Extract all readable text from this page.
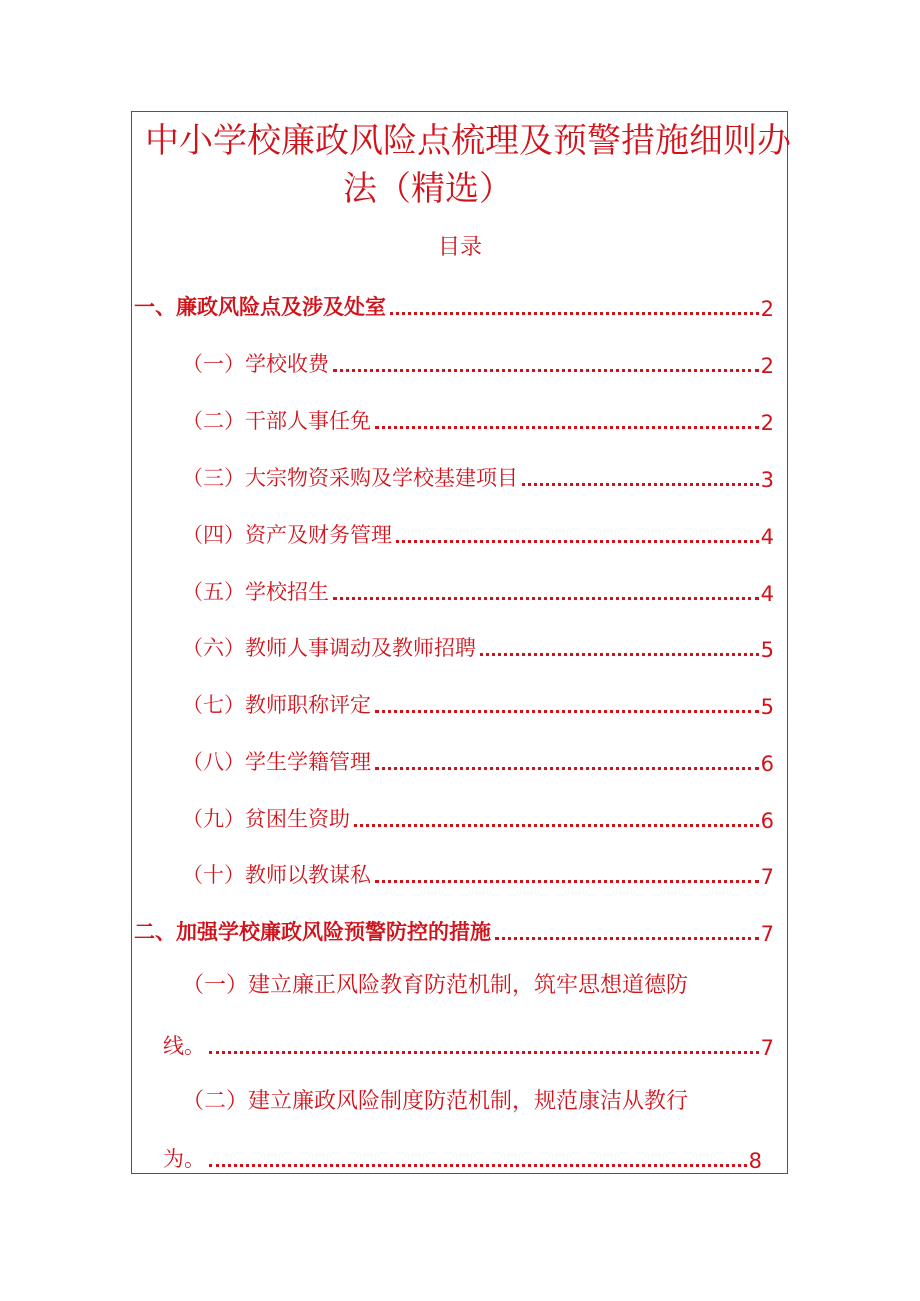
中小学校廉政风险点梳理及预警措施细则办
法（精选）
目录
一、廉政风险点及涉及处室	2
（一）学校收费	2
（二）干部人事任免	2
（三）大宗物资采购及学校基建项目	3
（四）资产及财务管理	4
（五）学校招生	4
（六）教师人事调动及教师招聘	5
（七）教师职称评定	5
（八）学生学籍管理	6
（九）贫困生资助	6
（十）教师以教谋私	7
二、加强学校廉政风险预警防控的措施	7
（一）建立廉正风险教育防范机制，筑牢思想道德防
线。	7
（二）建立廉政风险制度防范机制，规范康洁从教行
为。	8
